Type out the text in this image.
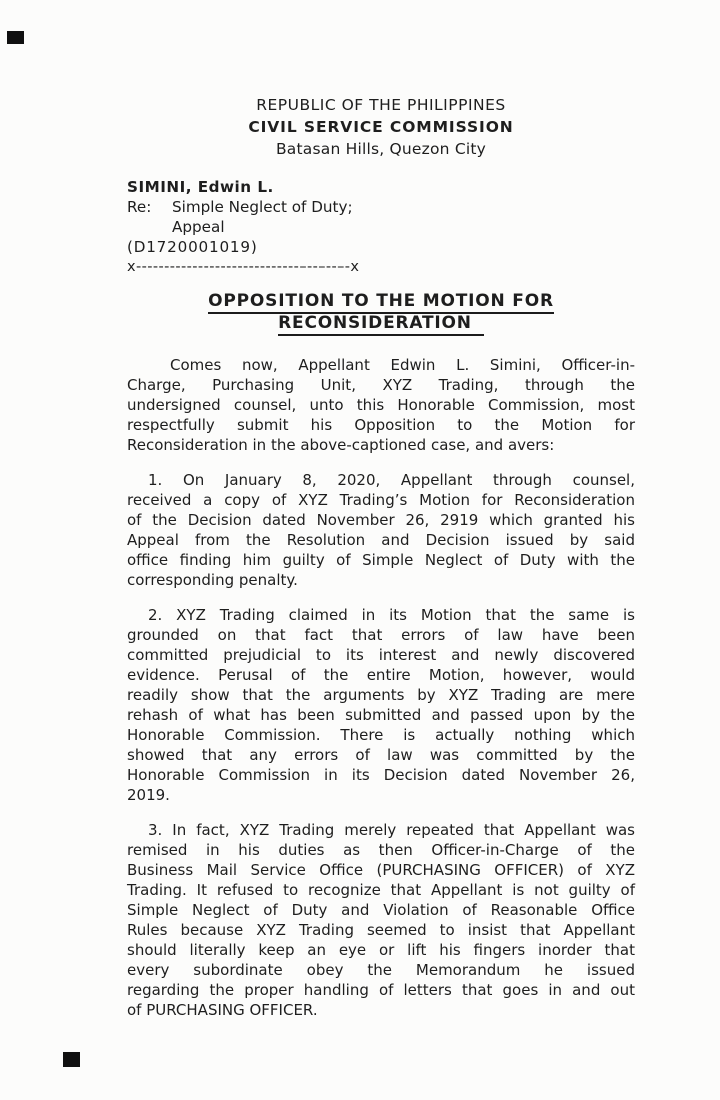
REPUBLIC OF THE PHILIPPINES
CIVIL SERVICE COMMISSION
Batasan Hills, Quezon City
SIMINI, Edwin L.
Re:	Simple Neglect of Duty;
Appeal
(D1720001019)
x-----------------------------–--–--–-x
OPPOSITION TO THE MOTION FOR
RECONSIDERATION
Comes now, Appellant Edwin L. Simini, Officer-in-
Charge, Purchasing Unit, XYZ Trading, through the
undersigned counsel, unto this Honorable Commission, most
respectfully submit his Opposition to the Motion for
Reconsideration in the above-captioned case, and avers:
1. On January 8, 2020, Appellant through counsel,
received a copy of XYZ Trading’s Motion for Reconsideration
of the Decision dated November 26, 2919 which granted his
Appeal from the Resolution and Decision issued by said
office finding him guilty of Simple Neglect of Duty with the
corresponding penalty.
2. XYZ Trading claimed in its Motion that the same is
grounded on that fact that errors of law have been
committed prejudicial to its interest and newly discovered
evidence. Perusal of the entire Motion, however, would
readily show that the arguments by XYZ Trading are mere
rehash of what has been submitted and passed upon by the
Honorable Commission. There is actually nothing which
showed that any errors of law was committed by the
Honorable Commission in its Decision dated November 26,
2019.
3. In fact, XYZ Trading merely repeated that Appellant was
remised in his duties as then Officer-in-Charge of the
Business Mail Service Office (PURCHASING OFFICER) of XYZ
Trading. It refused to recognize that Appellant is not guilty of
Simple Neglect of Duty and Violation of Reasonable Office
Rules because XYZ Trading seemed to insist that Appellant
should literally keep an eye or lift his fingers inorder that
every subordinate obey the Memorandum he issued
regarding the proper handling of letters that goes in and out
of PURCHASING OFFICER.
